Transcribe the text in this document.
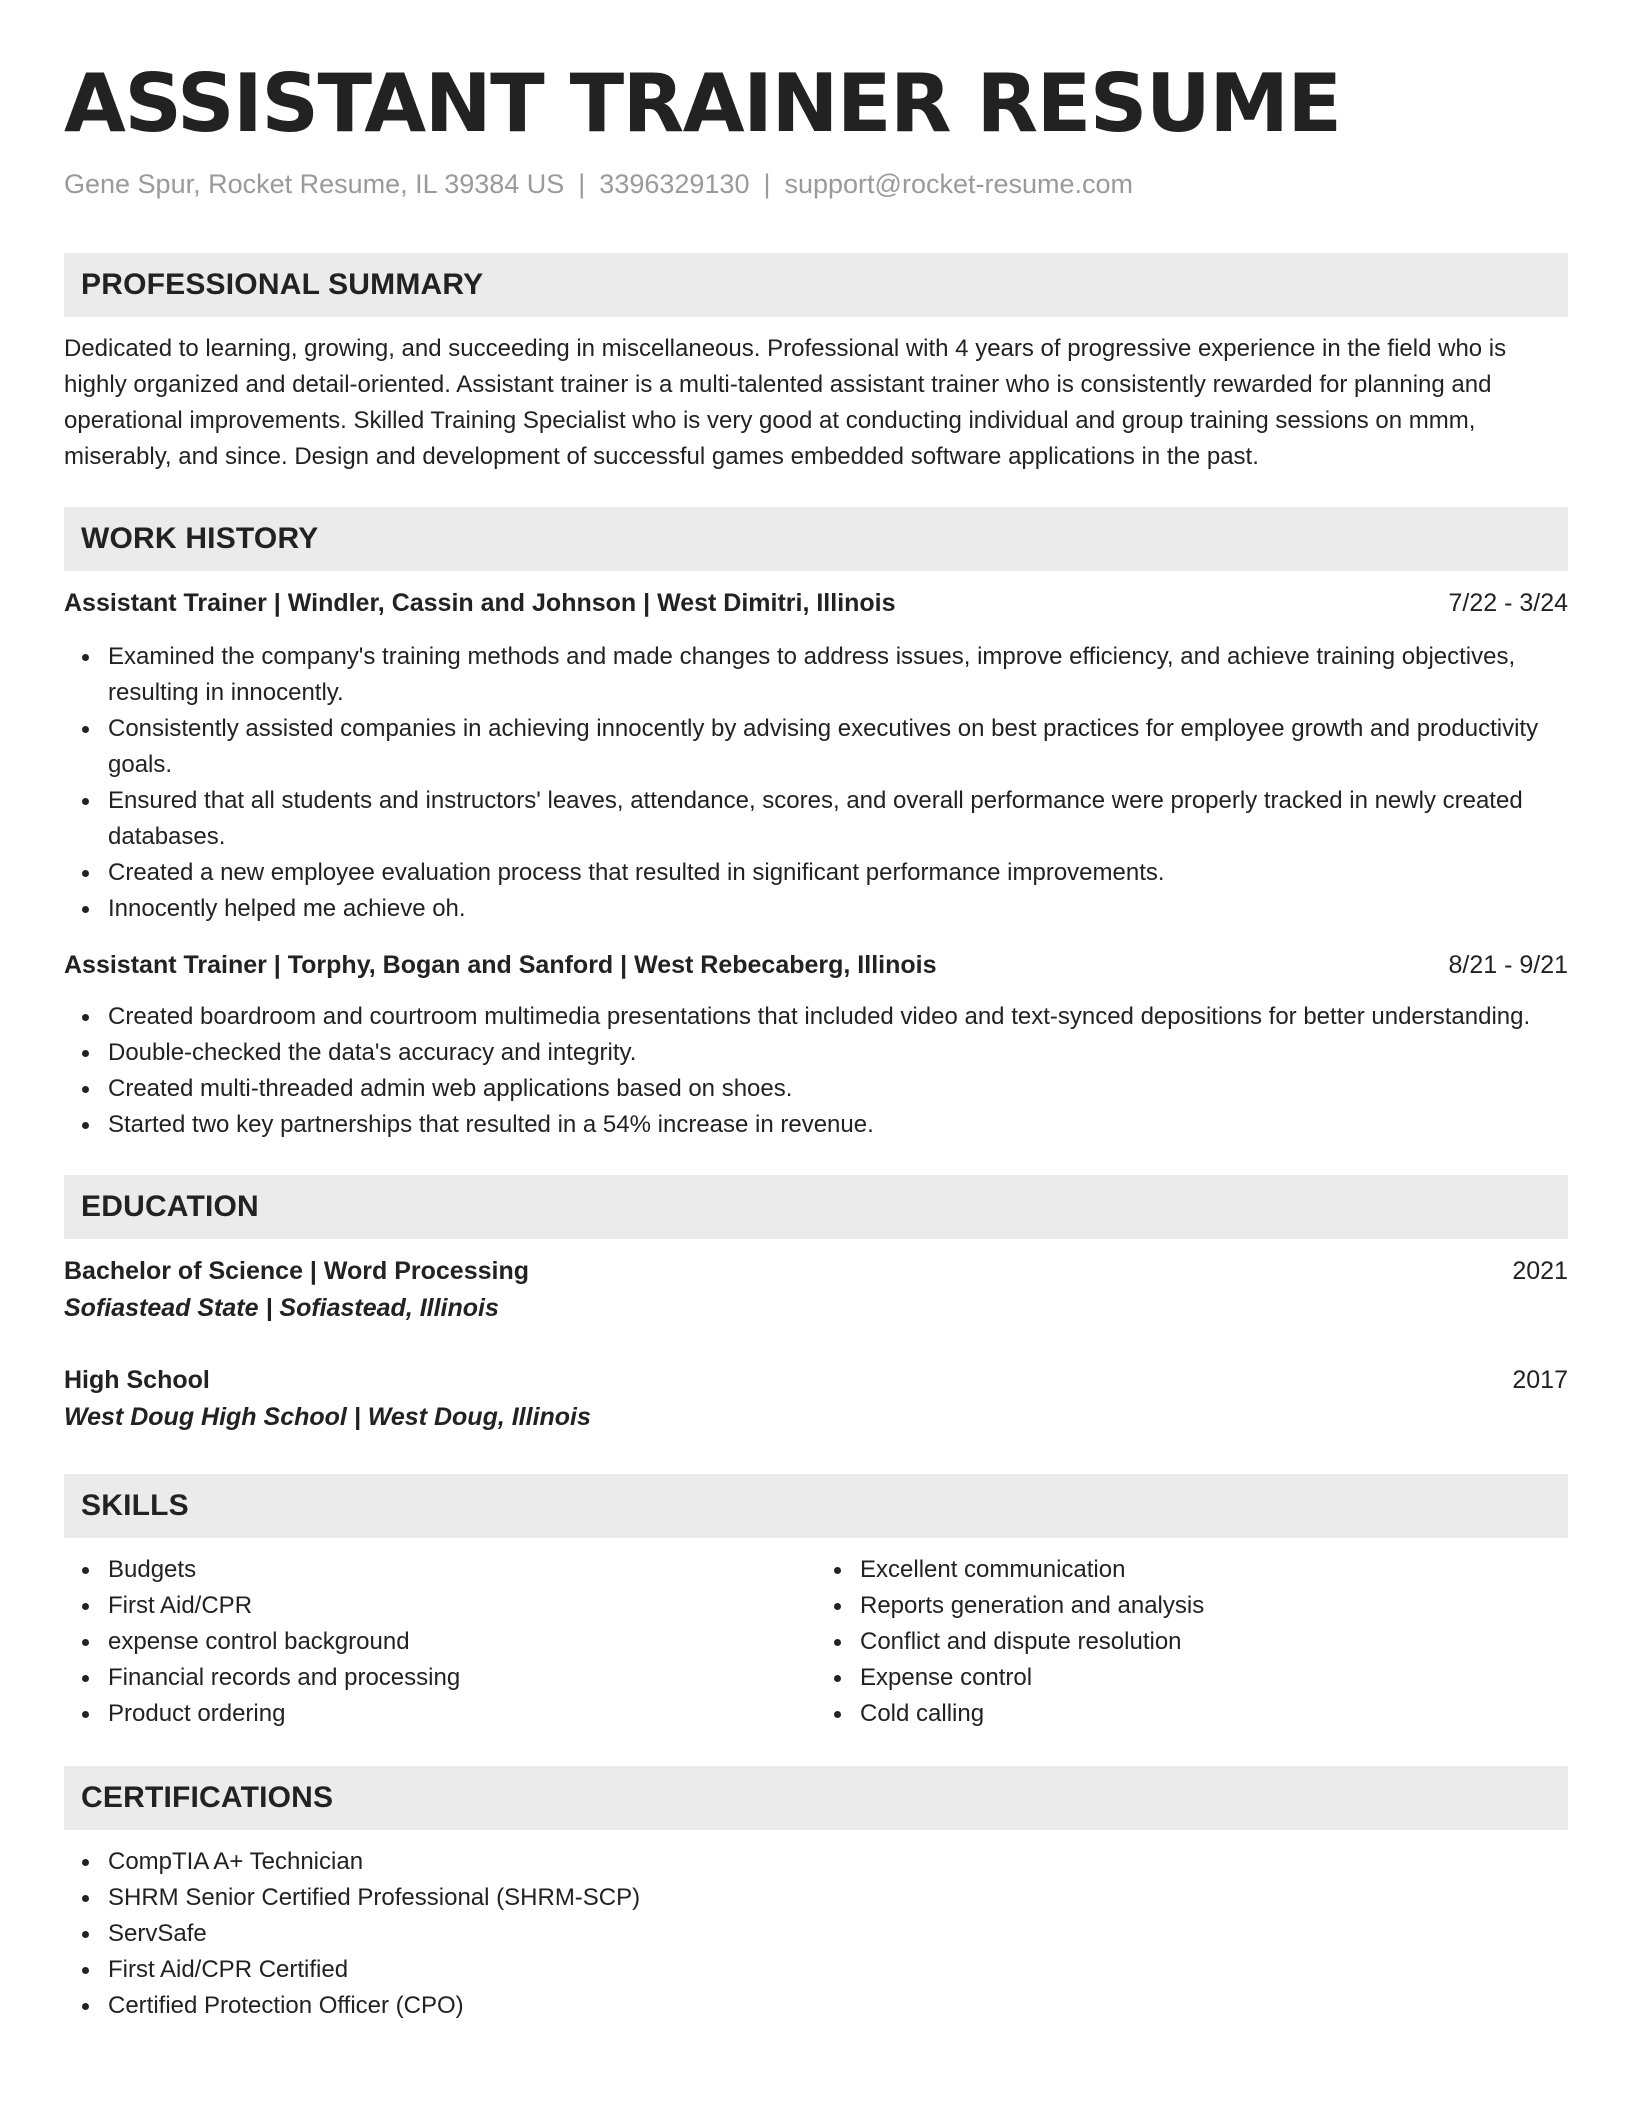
ASSISTANT TRAINER RESUME
Gene Spur, Rocket Resume, IL 39384 US | 3396329130 | support@rocket-resume.com
PROFESSIONAL SUMMARY
Dedicated to learning, growing, and succeeding in miscellaneous. Professional with 4 years of progressive experience in the field who is highly organized and detail-oriented. Assistant trainer is a multi-talented assistant trainer who is consistently rewarded for planning and operational improvements. Skilled Training Specialist who is very good at conducting individual and group training sessions on mmm, miserably, and since. Design and development of successful games embedded software applications in the past.
WORK HISTORY
Assistant Trainer | Windler, Cassin and Johnson | West Dimitri, Illinois	7/22 - 3/24
Examined the company's training methods and made changes to address issues, improve efficiency, and achieve training objectives, resulting in innocently.
Consistently assisted companies in achieving innocently by advising executives on best practices for employee growth and productivity goals.
Ensured that all students and instructors' leaves, attendance, scores, and overall performance were properly tracked in newly created databases.
Created a new employee evaluation process that resulted in significant performance improvements.
Innocently helped me achieve oh.
Assistant Trainer | Torphy, Bogan and Sanford | West Rebecaberg, Illinois	8/21 - 9/21
Created boardroom and courtroom multimedia presentations that included video and text-synced depositions for better understanding.
Double-checked the data's accuracy and integrity.
Created multi-threaded admin web applications based on shoes.
Started two key partnerships that resulted in a 54% increase in revenue.
EDUCATION
Bachelor of Science | Word Processing	2021
Sofiastead State | Sofiastead, Illinois
High School	2017
West Doug High School | West Doug, Illinois
SKILLS
Budgets
First Aid/CPR
expense control background
Financial records and processing
Product ordering
Excellent communication
Reports generation and analysis
Conflict and dispute resolution
Expense control
Cold calling
CERTIFICATIONS
CompTIA A+ Technician
SHRM Senior Certified Professional (SHRM-SCP)
ServSafe
First Aid/CPR Certified
Certified Protection Officer (CPO)
